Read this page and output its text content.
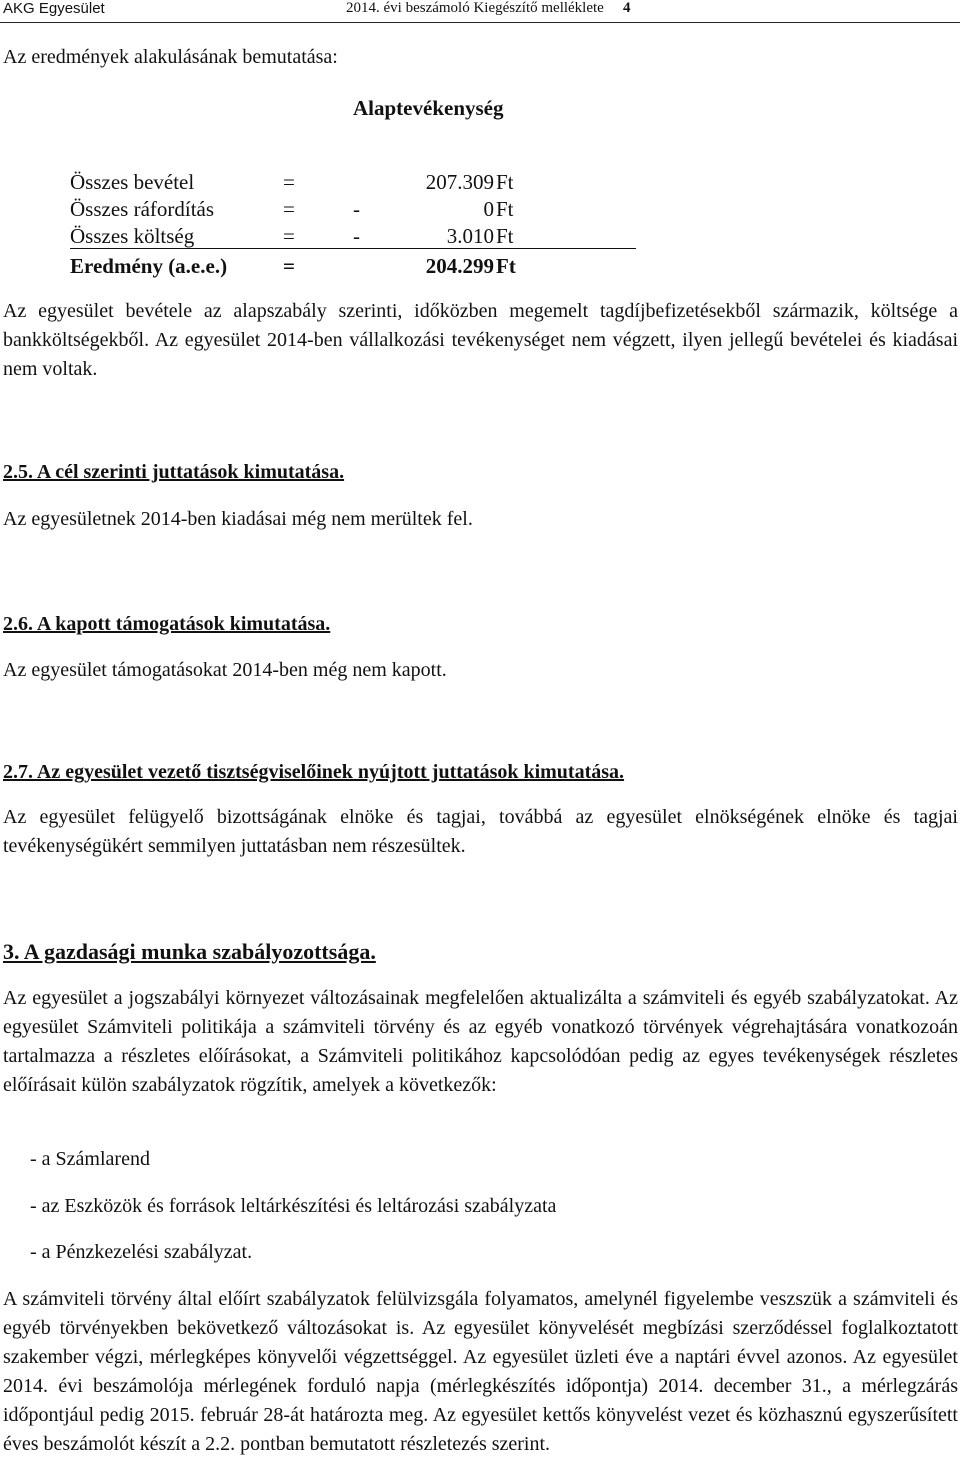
AKG Egyesület	2014. évi beszámoló Kiegészítő melléklete 4
Az eredmények alakulásának bemutatása:
Alaptevékenység
Összes bevétel	=	207.309 Ft
Összes ráfordítás	=	-	0 Ft
Összes költség	=	-	3.010 Ft
Eredmény (a.e.e.)	=	204.299 Ft
Az egyesület bevétele az alapszabály szerinti, időközben megemelt tagdíjbefizetésekből származik, költsége a bankköltségekből. Az egyesület 2014-ben vállalkozási tevékenységet nem végzett, ilyen jellegű bevételei és kiadásai nem voltak.
2.5. A cél szerinti juttatások kimutatása.
Az egyesületnek 2014-ben kiadásai még nem merültek fel.
2.6. A kapott támogatások kimutatása.
Az egyesület támogatásokat 2014-ben még nem kapott.
2.7. Az egyesület vezető tisztségviselőinek nyújtott juttatások kimutatása.
Az egyesület felügyelő bizottságának elnöke és tagjai, továbbá az egyesület elnökségének elnöke és tagjai tevékenységükért semmilyen juttatásban nem részesültek.
3. A gazdasági munka szabályozottsága.
Az egyesület a jogszabályi környezet változásainak megfelelően aktualizálta a számviteli és egyéb szabályzatokat. Az egyesület Számviteli politikája a számviteli törvény és az egyéb vonatkozó törvények végrehajtására vonatkozoán tartalmazza a részletes előírásokat, a Számviteli politikához kapcsolódóan pedig az egyes tevékenységek részletes előírásait külön szabályzatok rögzítik, amelyek a következők:
- a Számlarend
- az Eszközök és források leltárkészítési és leltározási szabályzata
- a Pénzkezelési szabályzat.
A számviteli törvény által előírt szabályzatok felülvizsgála folyamatos, amelynél figyelembe veszszük a számviteli és egyéb törvényekben bekövetkező változásokat is. Az egyesület könyvelését megbízási szerződéssel foglalkoztatott szakember végzi, mérlegképes könyvelői végzettséggel. Az egyesület üzleti éve a naptári évvel azonos. Az egyesület 2014. évi beszámolója mérlegének forduló napja (mérlegkészítés időpontja) 2014. december 31., a mérlegzárás időpontjául pedig 2015. február 28-át határozta meg. Az egyesület kettős könyvelést vezet és közhasznú egyszerűsített éves beszámolót készít a 2.2. pontban bemutatott részletezés szerint.
